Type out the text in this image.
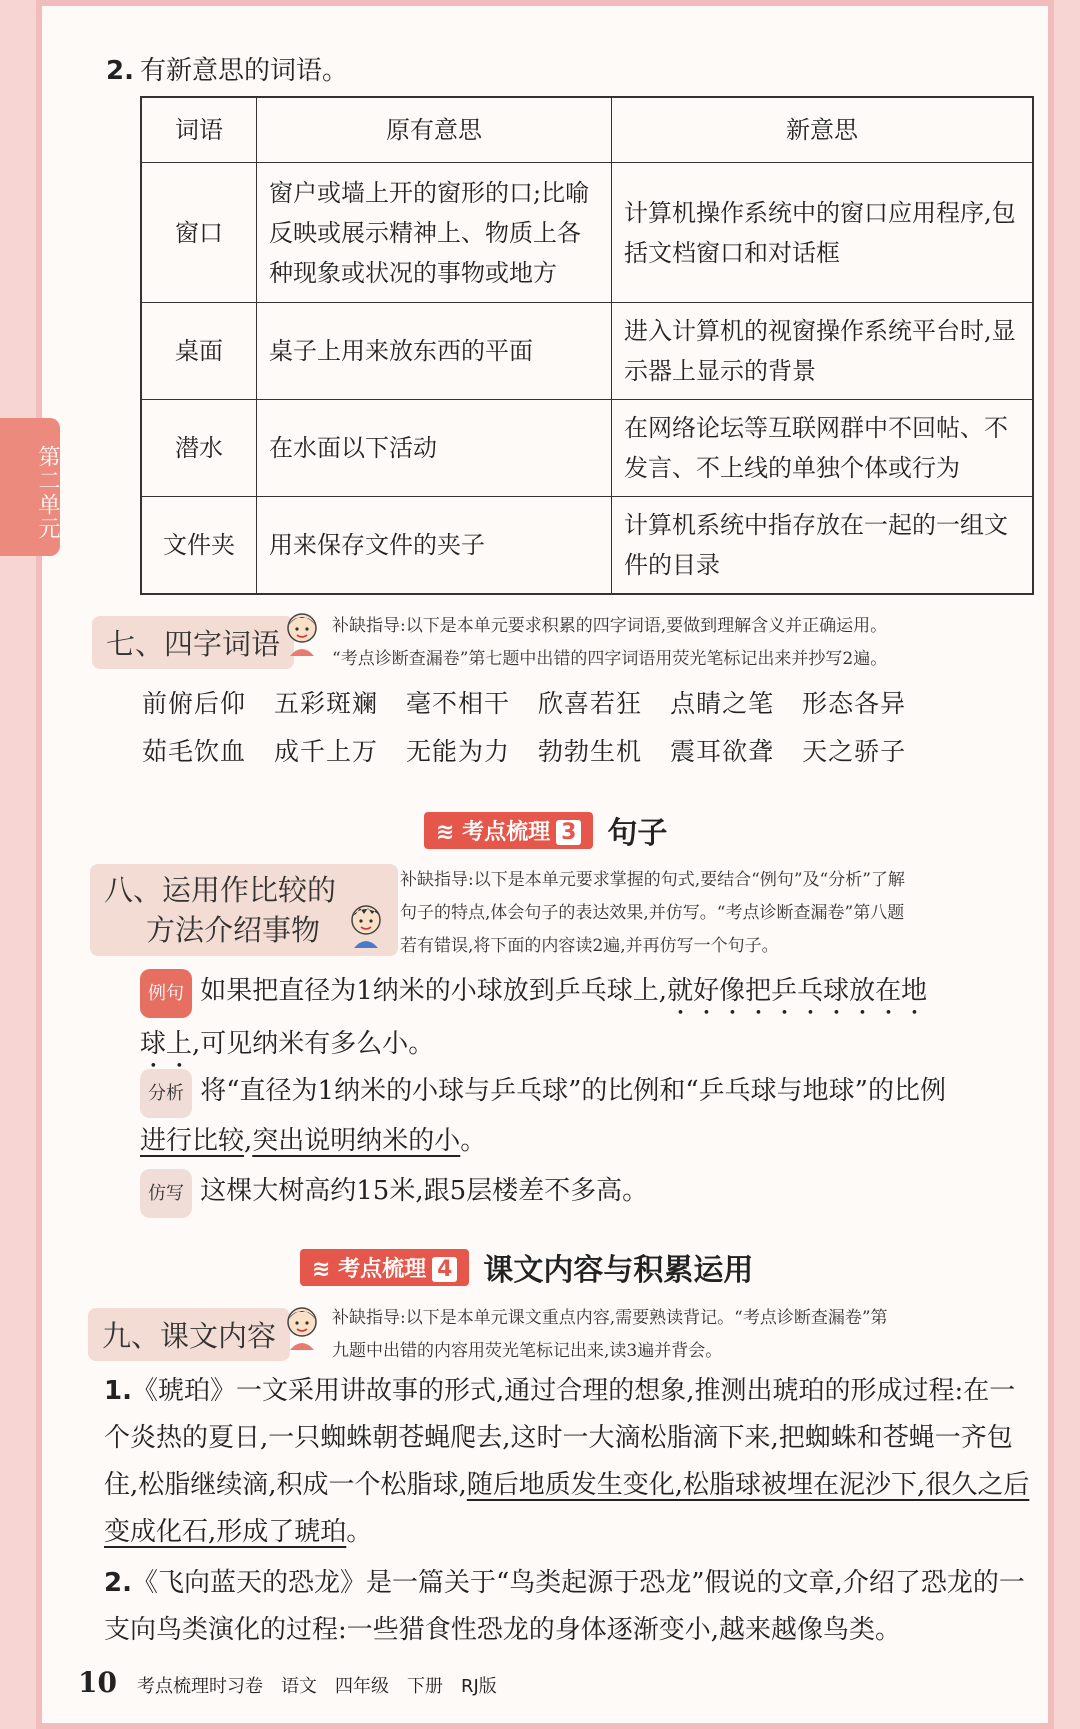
第二单元
2. 有新意思的词语。
词语	原有意思	新意思
窗口	窗户或墙上开的窗形的口;比喻反映或展示精神上、物质上各种现象或状况的事物或地方	计算机操作系统中的窗口应用程序,包括文档窗口和对话框
桌面	桌子上用来放东西的平面	进入计算机的视窗操作系统平台时,显示器上显示的背景
潜水	在水面以下活动	在网络论坛等互联网群中不回帖、不发言、不上线的单独个体或行为
文件夹	用来保存文件的夹子	计算机系统中指存放在一起的一组文件的目录
七、四字词语
补缺指导:以下是本单元要求积累的四字词语,要做到理解含义并正确运用。
“考点诊断查漏卷”第七题中出错的四字词语用荧光笔标记出来并抄写2遍。
前俯后仰 五彩斑斓 毫不相干 欣喜若狂 点睛之笔 形态各异
茹毛饮血 成千上万 无能为力 勃勃生机 震耳欲聋 天之骄子
≋ 考点梳理 3 句子
八、运用作比较的
方法介绍事物
补缺指导:以下是本单元要求掌握的句式,要结合“例句”及“分析”了解
句子的特点,体会句子的表达效果,并仿写。“考点诊断查漏卷”第八题
若有错误,将下面的内容读2遍,并再仿写一个句子。
例句 如果把直径为1纳米的小球放到乒乓球上,就好像把乒乓球放在地
球上,可见纳米有多么小。
分析 将“直径为1纳米的小球与乒乓球”的比例和“乒乓球与地球”的比例
进行比较,突出说明纳米的小。
仿写 这棵大树高约15米,跟5层楼差不多高。
≋ 考点梳理 4 课文内容与积累运用
九、课文内容
补缺指导:以下是本单元课文重点内容,需要熟读背记。“考点诊断查漏卷”第
九题中出错的内容用荧光笔标记出来,读3遍并背会。
1.《琥珀》一文采用讲故事的形式,通过合理的想象,推测出琥珀的形成过程:在一个炎热的夏日,一只蜘蛛朝苍蝇爬去,这时一大滴松脂滴下来,把蜘蛛和苍蝇一齐包住,松脂继续滴,积成一个松脂球,随后地质发生变化,松脂球被埋在泥沙下,很久之后变成化石,形成了琥珀。
2.《飞向蓝天的恐龙》是一篇关于“鸟类起源于恐龙”假说的文章,介绍了恐龙的一支向鸟类演化的过程:一些猎食性恐龙的身体逐渐变小,越来越像鸟类。
10 考点梳理时习卷 语文 四年级 下册 RJ版
